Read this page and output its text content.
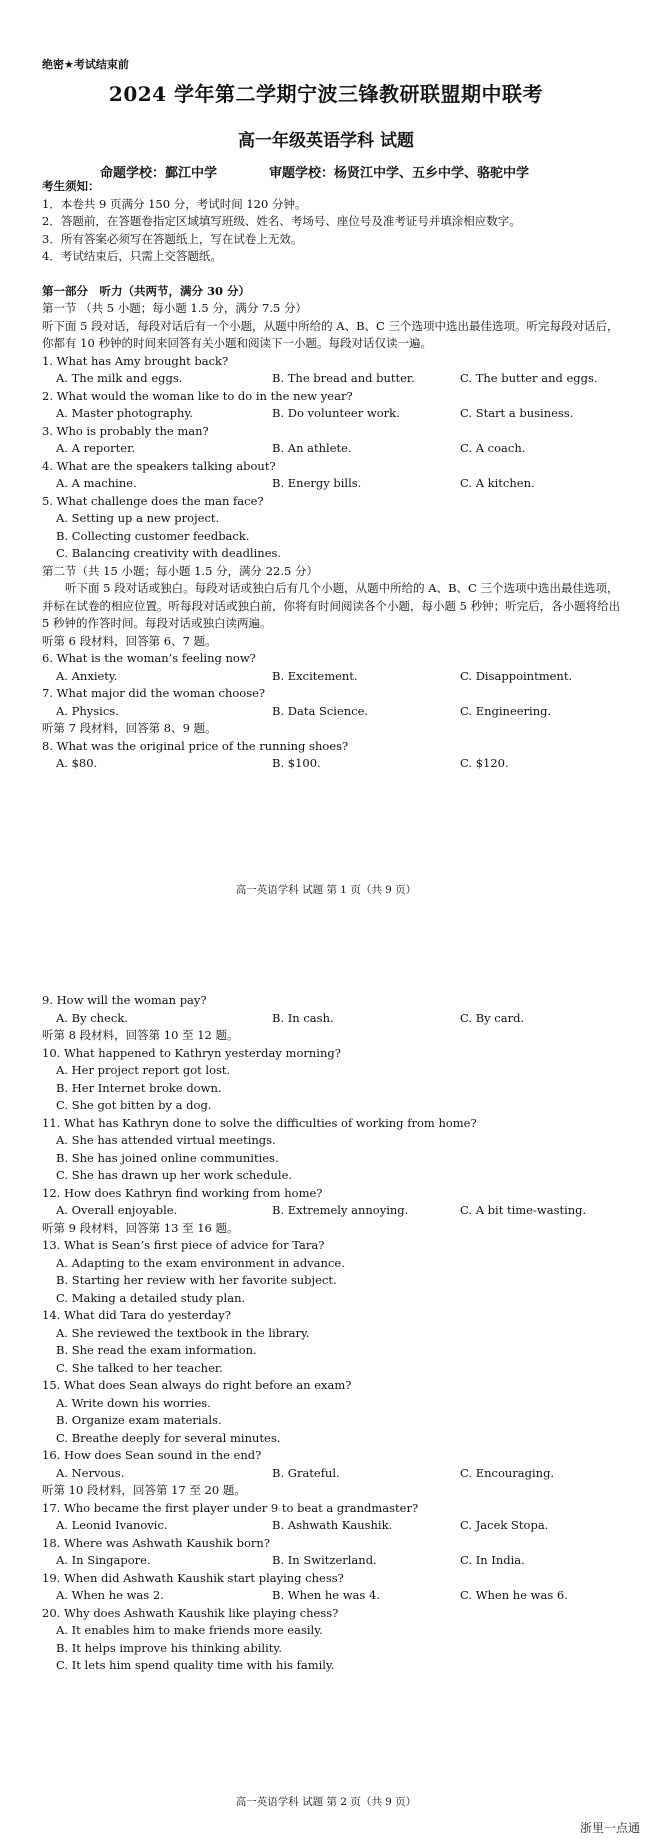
绝密★考试结束前
2024 学年第二学期宁波三锋教研联盟期中联考
高一年级英语学科 试题
命题学校：鄞江中学	审题学校：杨贤江中学、五乡中学、骆驼中学
考生须知：
1．本卷共 9 页满分 150 分，考试时间 120 分钟。
2．答题前，在答题卷指定区域填写班级、姓名、考场号、座位号及准考证号并填涂相应数字。
3．所有答案必须写在答题纸上，写在试卷上无效。
4．考试结束后，只需上交答题纸。
第一部分　听力（共两节，满分 30 分）
第一节 （共 5 小题；每小题 1.5 分，满分 7.5 分）
听下面 5 段对话，每段对话后有一个小题，从题中所给的 A、B、C 三个选项中选出最佳选项。听完每段对话后，你都有 10 秒钟的时间来回答有关小题和阅读下一小题。每段对话仅读一遍。
1. What has Amy brought back?
A. The milk and eggs.	B. The bread and butter.	C. The butter and eggs.
2. What would the woman like to do in the new year?
A. Master photography.	B. Do volunteer work.	C. Start a business.
3. Who is probably the man?
A. A reporter.	B. An athlete.	C. A coach.
4. What are the speakers talking about?
A. A machine.	B. Energy bills.	C. A kitchen.
5. What challenge does the man face?
A. Setting up a new project.
B. Collecting customer feedback.
C. Balancing creativity with deadlines.
第二节（共 15 小题；每小题 1.5 分，满分 22.5 分）
听下面 5 段对话或独白。每段对话或独白后有几个小题，从题中所给的 A、B、C 三个选项中选出最佳选项，并标在试卷的相应位置。听每段对话或独白前，你将有时间阅读各个小题，每小题 5 秒钟；听完后，各小题将给出 5 秒钟的作答时间。每段对话或独白读两遍。
听第 6 段材料，回答第 6、7 题。
6. What is the woman’s feeling now?
A. Anxiety.	B. Excitement.	C. Disappointment.
7. What major did the woman choose?
A. Physics.	B. Data Science.	C. Engineering.
听第 7 段材料，回答第 8、9 题。
8. What was the original price of the running shoes?
A. $80.	B. $100.	C. $120.
高一英语学科 试题 第 1 页（共 9 页）
9. How will the woman pay?
A. By check.	B. In cash.	C. By card.
听第 8 段材料，回答第 10 至 12 题。
10. What happened to Kathryn yesterday morning?
A. Her project report got lost.
B. Her Internet broke down.
C. She got bitten by a dog.
11. What has Kathryn done to solve the difficulties of working from home?
A. She has attended virtual meetings.
B. She has joined online communities.
C. She has drawn up her work schedule.
12. How does Kathryn find working from home?
A. Overall enjoyable.	B. Extremely annoying.	C. A bit time-wasting.
听第 9 段材料，回答第 13 至 16 题。
13. What is Sean’s first piece of advice for Tara?
A. Adapting to the exam environment in advance.
B. Starting her review with her favorite subject.
C. Making a detailed study plan.
14. What did Tara do yesterday?
A. She reviewed the textbook in the library.
B. She read the exam information.
C. She talked to her teacher.
15. What does Sean always do right before an exam?
A. Write down his worries.
B. Organize exam materials.
C. Breathe deeply for several minutes.
16. How does Sean sound in the end?
A. Nervous.	B. Grateful.	C. Encouraging.
听第 10 段材料，回答第 17 至 20 题。
17. Who became the first player under 9 to beat a grandmaster?
A. Leonid Ivanovic.	B. Ashwath Kaushik.	C. Jacek Stopa.
18. Where was Ashwath Kaushik born?
A. In Singapore.	B. In Switzerland.	C. In India.
19. When did Ashwath Kaushik start playing chess?
A. When he was 2.	B. When he was 4.	C. When he was 6.
20. Why does Ashwath Kaushik like playing chess?
A. It enables him to make friends more easily.
B. It helps improve his thinking ability.
C. It lets him spend quality time with his family.
高一英语学科 试题 第 2 页（共 9 页）
浙里一点通
